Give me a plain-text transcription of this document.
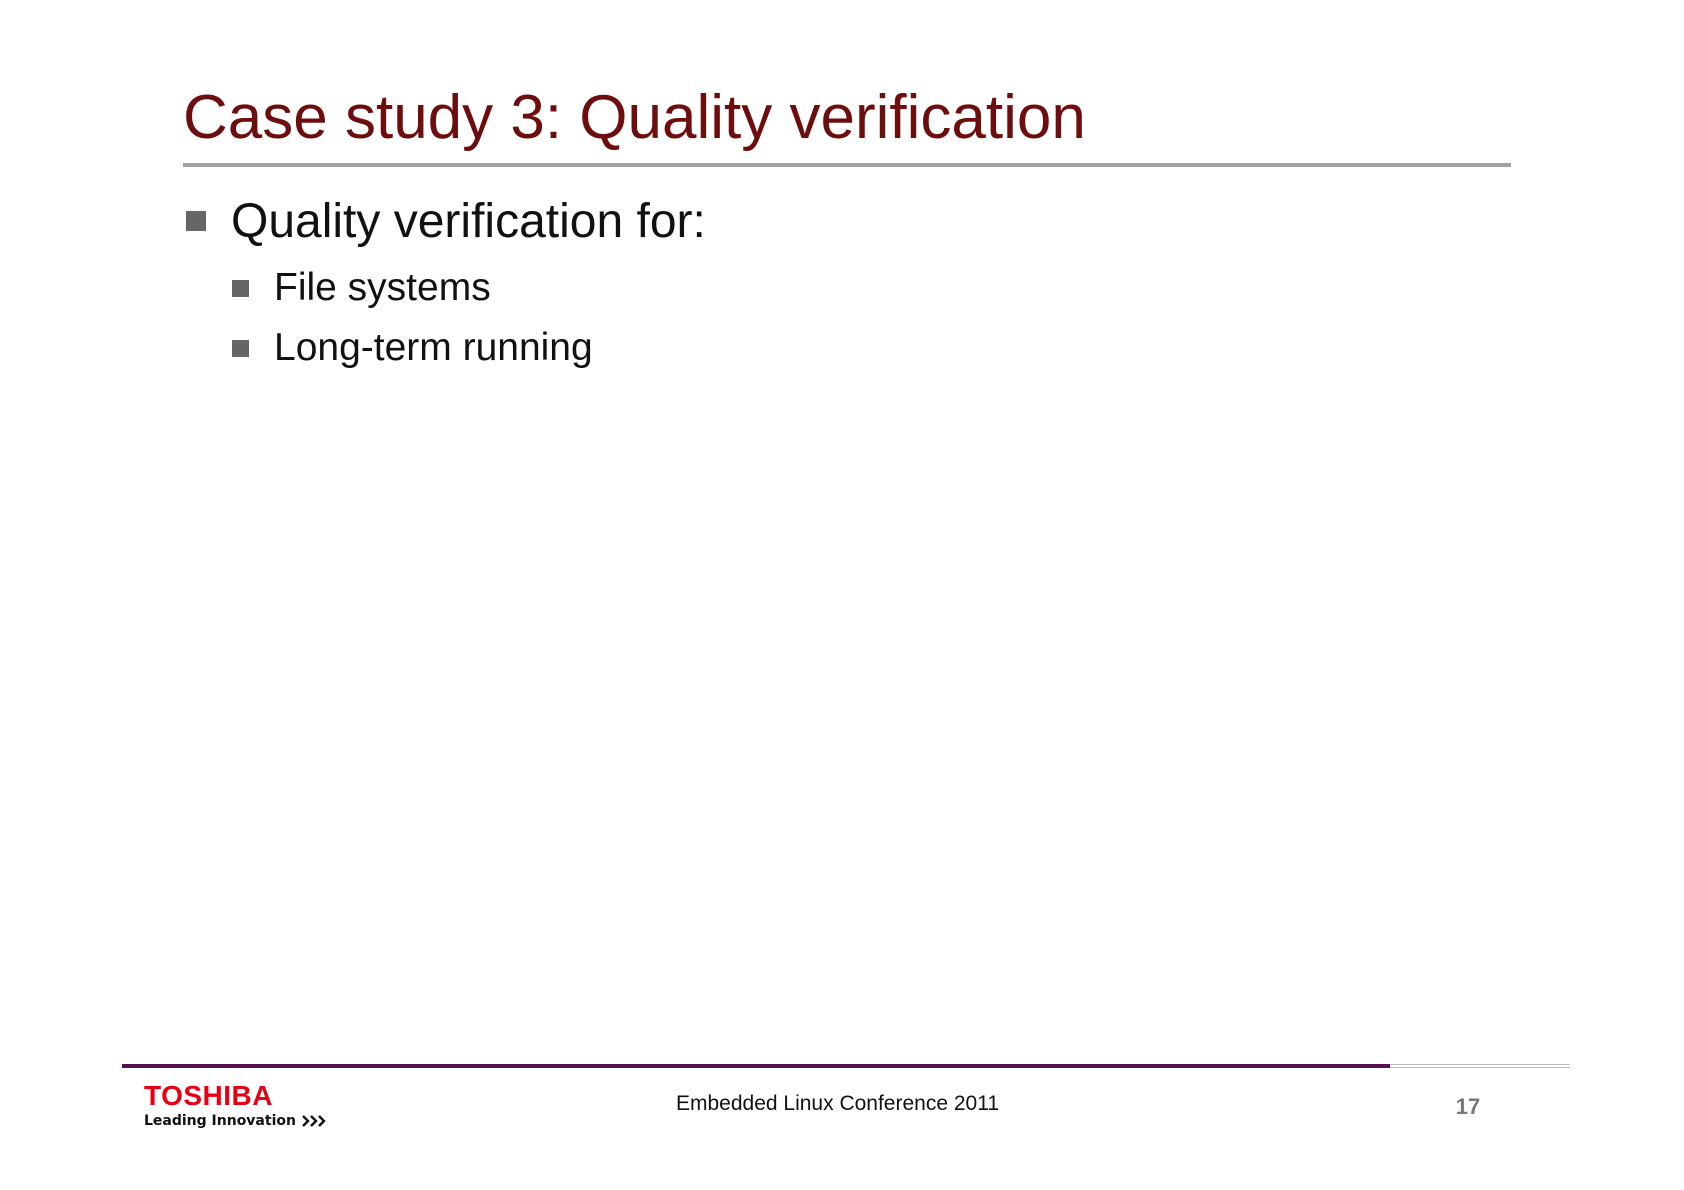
Case study 3: Quality verification
Quality verification for:
File systems
Long-term running
TOSHIBA
Leading Innovation
Embedded Linux Conference 2011	17
